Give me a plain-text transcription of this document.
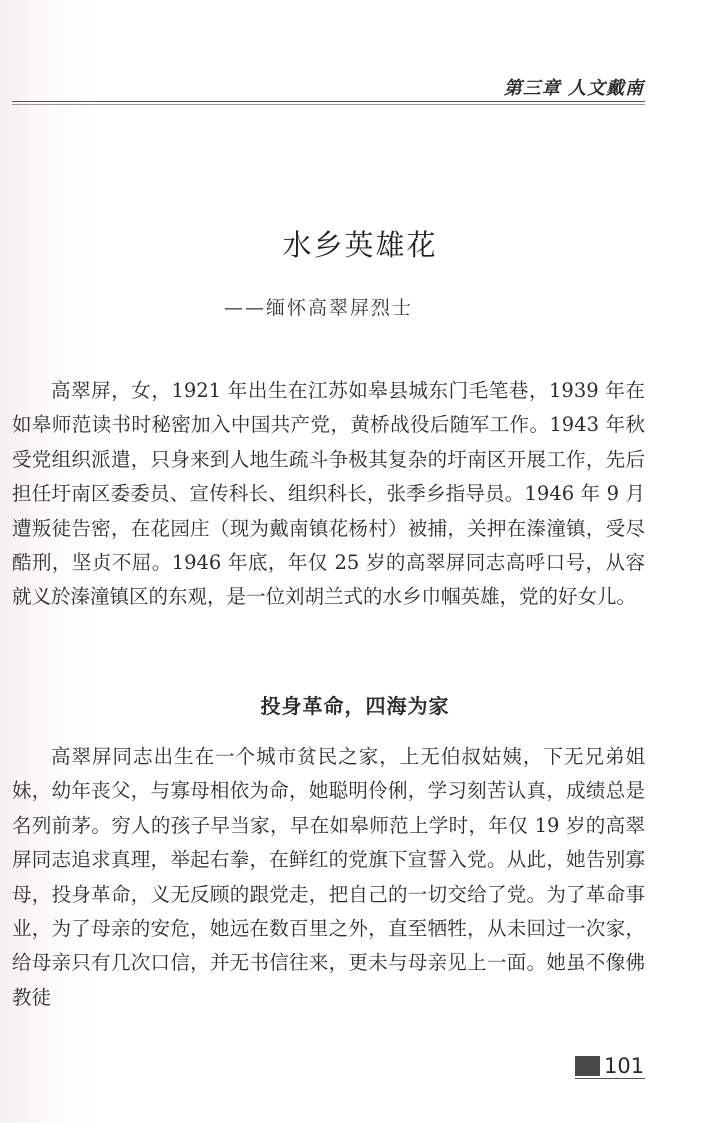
第三章 人文戴南
水乡英雄花
——缅怀高翠屏烈士

高翠屏，女，1921 年出生在江苏如皋县城东门毛笔巷，1939 年在如皋师范读书时秘密加入中国共产党，黄桥战役后随军工作。1943 年秋受党组织派遣，只身来到人地生疏斗争极其复杂的圩南区开展工作，先后担任圩南区委委员、宣传科长、组织科长，张季乡指导员。1946 年 9 月遭叛徒告密，在花园庄（现为戴南镇花杨村）被捕，关押在溱潼镇，受尽酷刑，坚贞不屈。1946 年底，年仅 25 岁的高翠屏同志高呼口号，从容就义於溱潼镇区的东观，是一位刘胡兰式的水乡巾帼英雄，党的好女儿。

投身革命，四海为家

高翠屏同志出生在一个城市贫民之家，上无伯叔姑姨，下无兄弟姐妹，幼年丧父，与寡母相依为命，她聪明伶俐，学习刻苦认真，成绩总是名列前茅。穷人的孩子早当家，早在如皋师范上学时，年仅 19 岁的高翠屏同志追求真理，举起右拳，在鲜红的党旗下宣誓入党。从此，她告别寡母，投身革命，义无反顾的跟党走，把自己的一切交给了党。为了革命事业，为了母亲的安危，她远在数百里之外，直至牺牲，从未回过一次家，给母亲只有几次口信，并无书信往来，更未与母亲见上一面。她虽不像佛教徒

101
